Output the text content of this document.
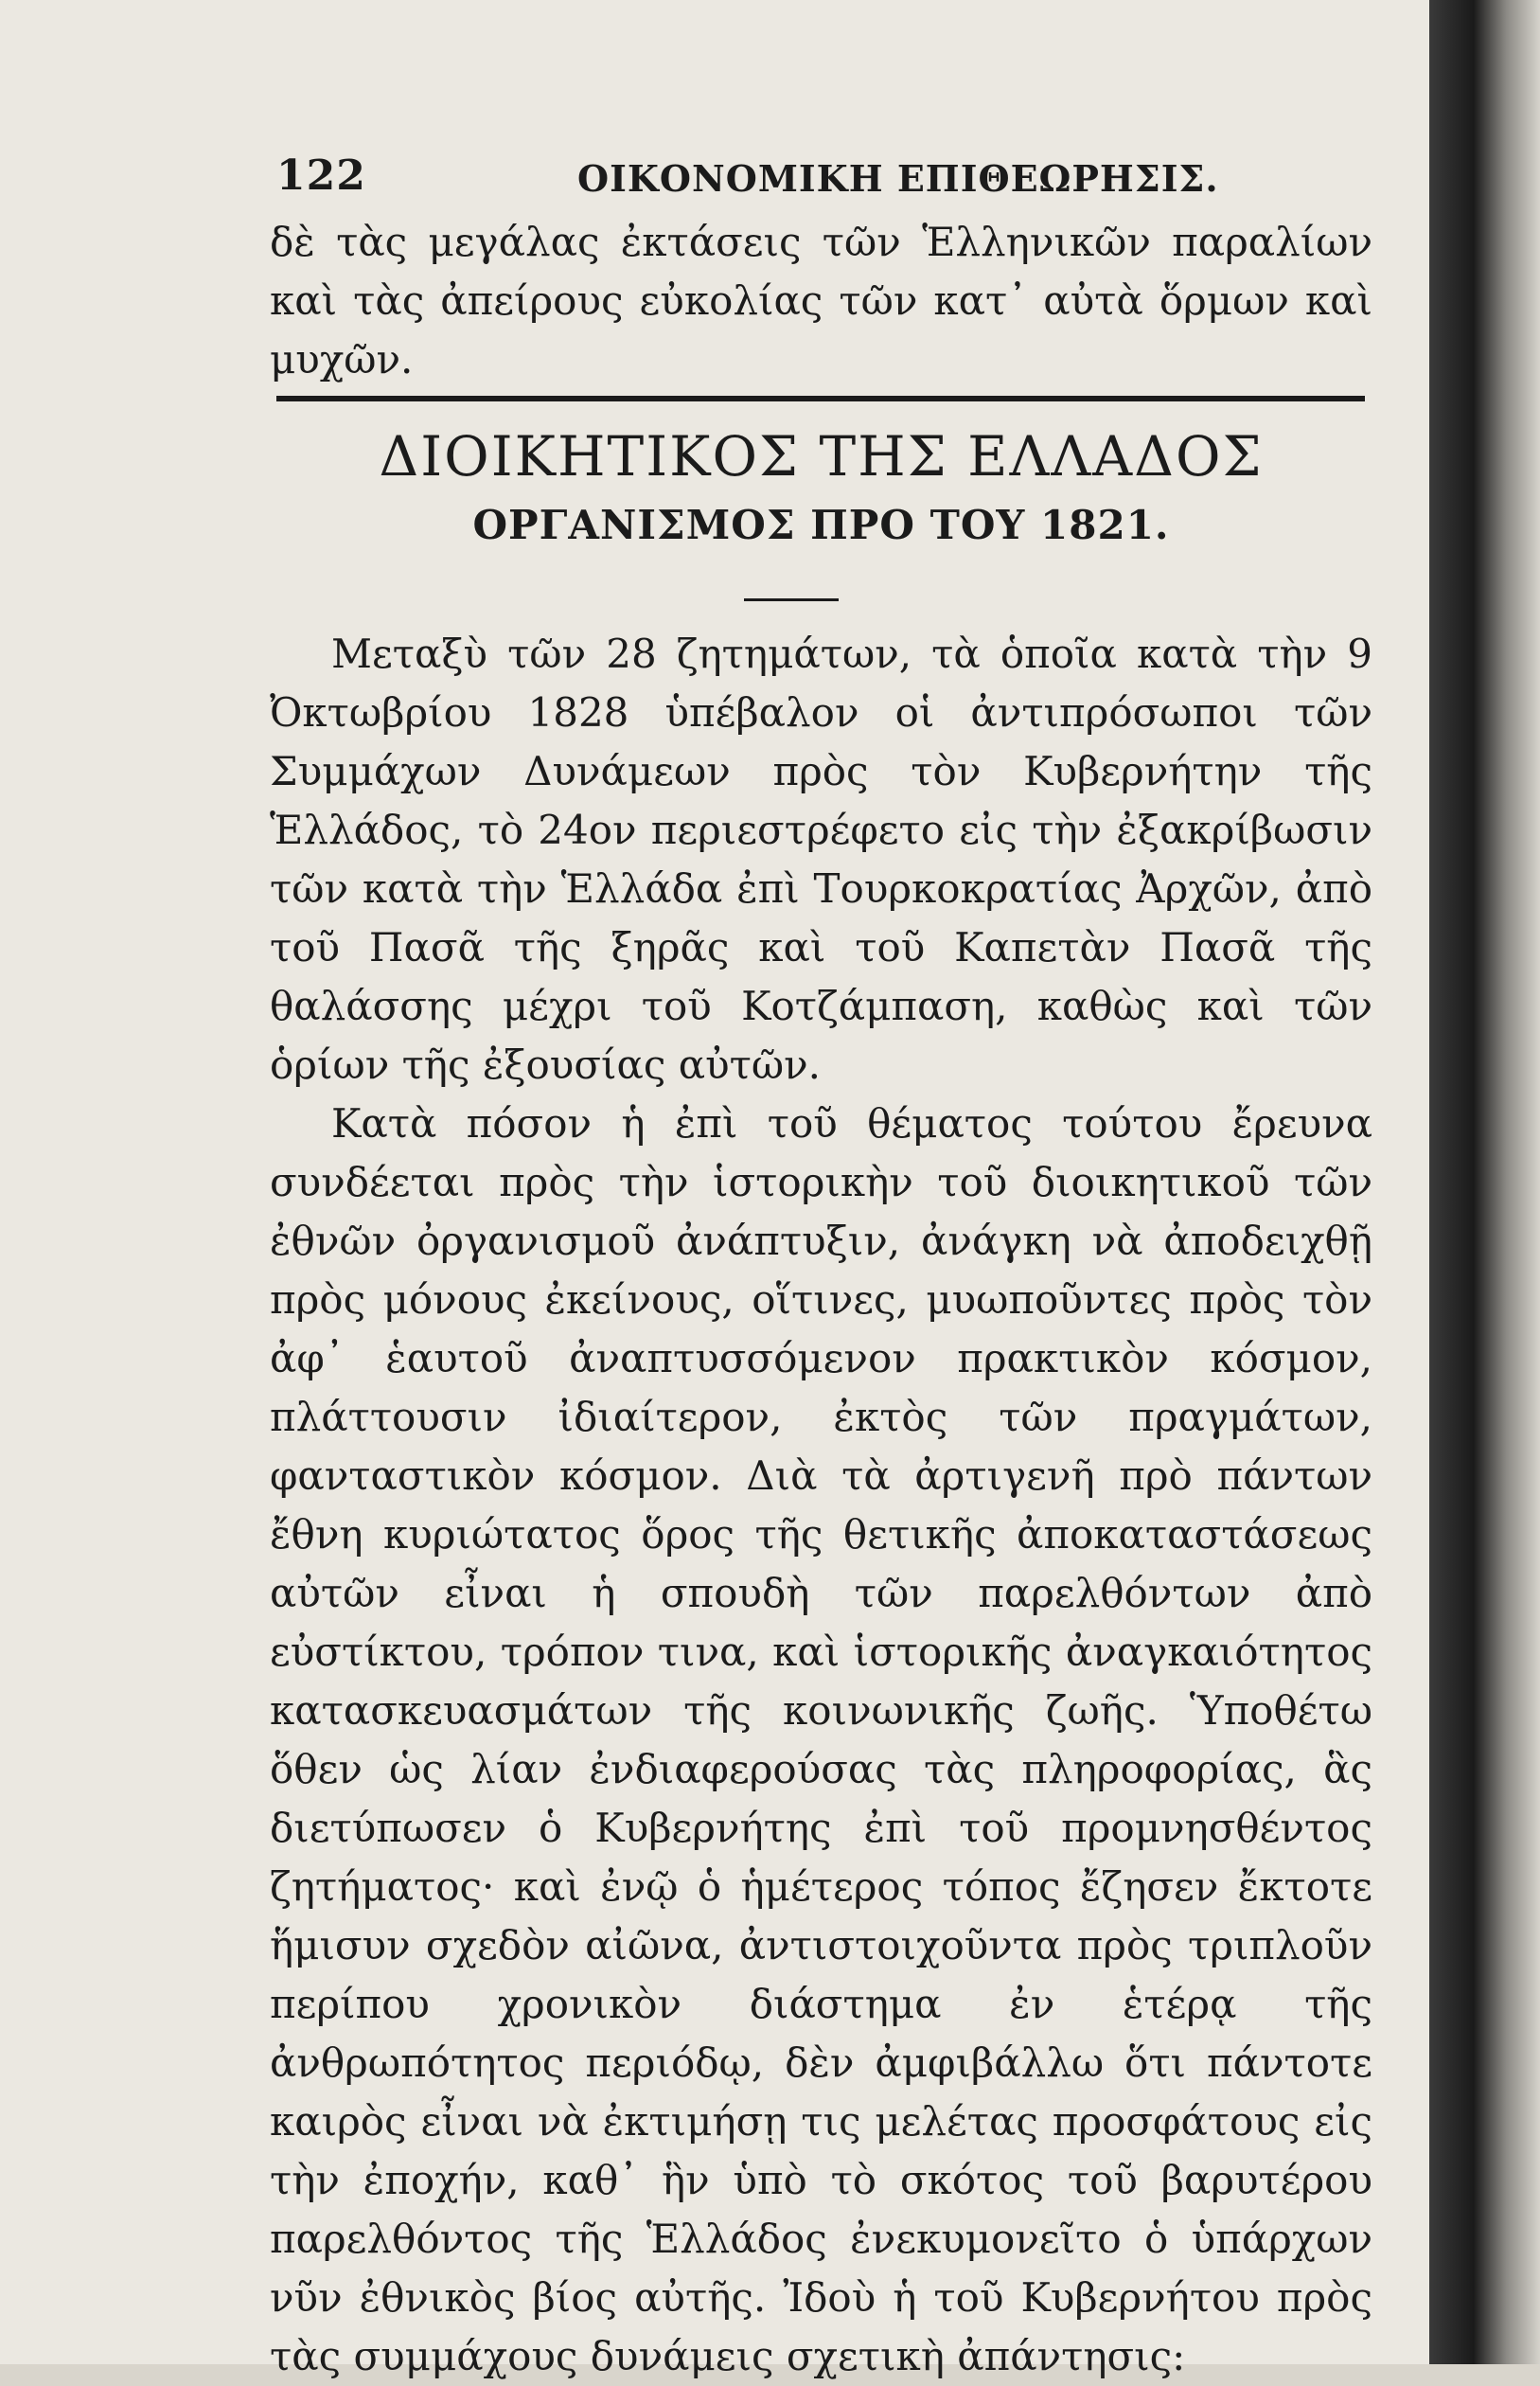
122	ΟΙΚΟΝΟΜΙΚΗ ΕΠΙΘΕΩΡΗΣΙΣ.

δὲ τὰς μεγάλας ἐκτάσεις τῶν Ἑλληνικῶν παραλίων καὶ τὰς ἀπείρους εὐκολίας τῶν κατ᾽ αὐτὰ ὅρμων καὶ μυχῶν.

ΔΙΟΙΚΗΤΙΚΟΣ ΤΗΣ ΕΛΛΑΔΟΣ
ΟΡΓΑΝΙΣΜΟΣ ΠΡΟ ΤΟΥ 1821.

Μεταξὺ τῶν 28 ζητημάτων, τὰ ὁποῖα κατὰ τὴν 9 Ὀκτωβρίου 1828 ὑπέβαλον οἱ ἀντιπρόσωποι τῶν Συμμάχων Δυνάμεων πρὸς τὸν Κυβερνήτην τῆς Ἑλλάδος, τὸ 24ον περιεστρέφετο εἰς τὴν ἐξακρίβωσιν τῶν κατὰ τὴν Ἑλλάδα ἐπὶ Τουρκοκρατίας Ἀρχῶν, ἀπὸ τοῦ Πασᾶ τῆς ξηρᾶς καὶ τοῦ Καπετὰν Πασᾶ τῆς θαλάσσης μέχρι τοῦ Κοτζάμπαση, καθὼς καὶ τῶν ὁρίων τῆς ἐξουσίας αὐτῶν.

Κατὰ πόσον ἡ ἐπὶ τοῦ θέματος τούτου ἔρευνα συνδέεται πρὸς τὴν ἱστορικὴν τοῦ διοικητικοῦ τῶν ἐθνῶν ὀργανισμοῦ ἀνάπτυξιν, ἀνάγκη νὰ ἀποδειχθῇ πρὸς μόνους ἐκείνους, οἵτινες, μυωποῦντες πρὸς τὸν ἀφ᾽ ἑαυτοῦ ἀναπτυσσόμενον πρακτικὸν κόσμον, πλάττουσιν ἰδιαίτερον, ἐκτὸς τῶν πραγμάτων, φανταστικὸν κόσμον. Διὰ τὰ ἀρτιγενῆ πρὸ πάντων ἔθνη κυριώτατος ὅρος τῆς θετικῆς ἀποκαταστάσεως αὐτῶν εἶναι ἡ σπουδὴ τῶν παρελθόντων ἀπὸ εὐστίκτου, τρόπον τινα, καὶ ἱστορικῆς ἀναγκαιότητος κατασκευασμάτων τῆς κοινωνικῆς ζωῆς. Ὑποθέτω ὅθεν ὡς λίαν ἐνδιαφερούσας τὰς πληροφορίας, ἃς διετύπωσεν ὁ Κυβερνήτης ἐπὶ τοῦ προμνησθέντος ζητήματος· καὶ ἐνῷ ὁ ἡμέτερος τόπος ἔζησεν ἔκτοτε ἥμισυν σχεδὸν αἰῶνα, ἀντιστοιχοῦντα πρὸς τριπλοῦν περίπου χρονικὸν διάστημα ἐν ἑτέρᾳ τῆς ἀνθρωπότητος περιόδῳ, δὲν ἀμφιβάλλω ὅτι πάντοτε καιρὸς εἶναι νὰ ἐκτιμήσῃ τις μελέτας προσφάτους εἰς τὴν ἐποχήν, καθ᾽ ἣν ὑπὸ τὸ σκότος τοῦ βαρυτέρου παρελθόντος τῆς Ἑλλάδος ἐνεκυμονεῖτο ὁ ὑπάρχων νῦν ἐθνικὸς βίος αὐτῆς. Ἰδοὺ ἡ τοῦ Κυβερνήτου πρὸς τὰς συμμάχους δυνάμεις σχετικὴ ἀπάντησις:
